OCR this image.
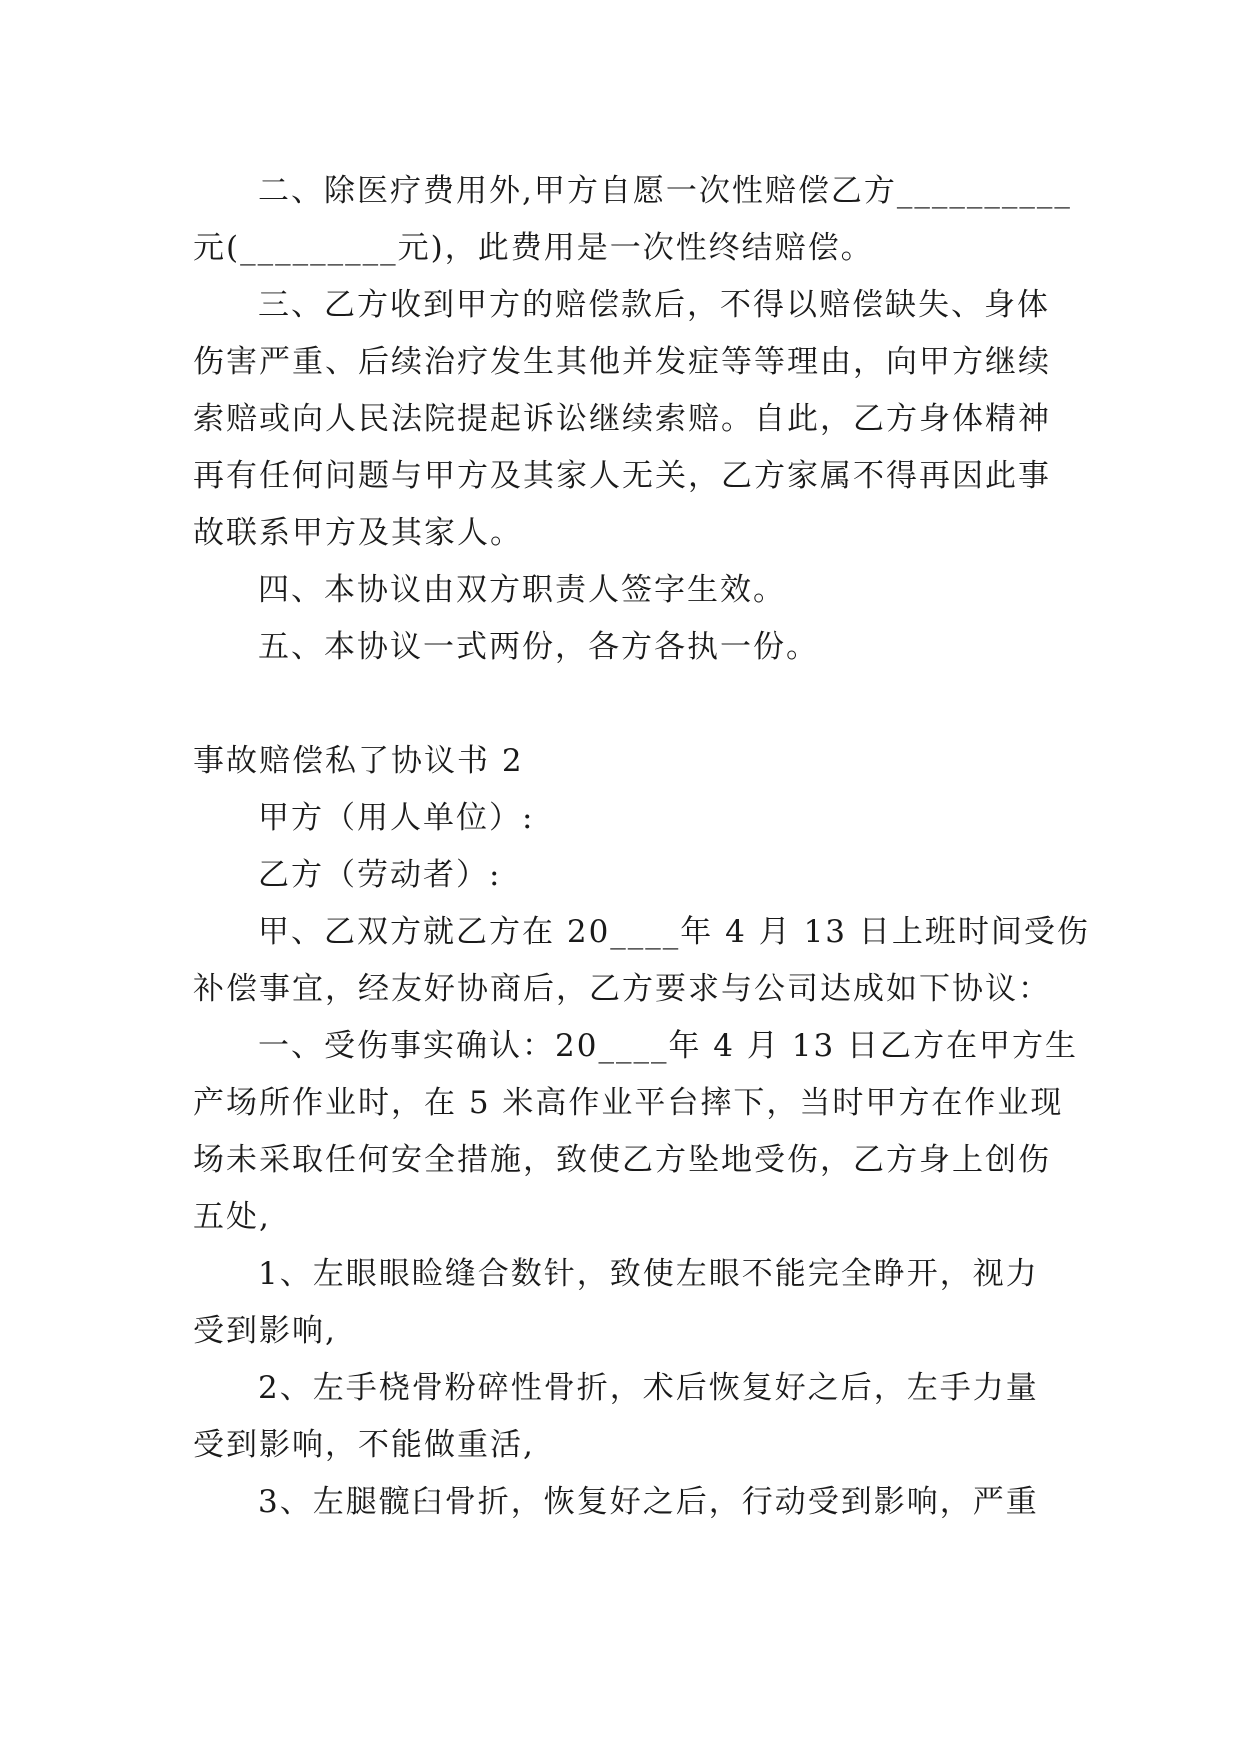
二、除医疗费用外,甲方自愿一次性赔偿乙方__________
元(_________元)，此费用是一次性终结赔偿。
三、乙方收到甲方的赔偿款后，不得以赔偿缺失、身体
伤害严重、后续治疗发生其他并发症等等理由，向甲方继续
索赔或向人民法院提起诉讼继续索赔。自此，乙方身体精神
再有任何问题与甲方及其家人无关，乙方家属不得再因此事
故联系甲方及其家人。
四、本协议由双方职责人签字生效。
五、本协议一式两份，各方各执一份。
事故赔偿私了协议书 2
甲方（用人单位）:
乙方（劳动者）:
甲、乙双方就乙方在 20____年 4 月 13 日上班时间受伤
补偿事宜，经友好协商后，乙方要求与公司达成如下协议：
一、受伤事实确认：20____年 4 月 13 日乙方在甲方生
产场所作业时，在 5 米高作业平台摔下，当时甲方在作业现
场未采取任何安全措施，致使乙方坠地受伤，乙方身上创伤
五处,
1、左眼眼睑缝合数针，致使左眼不能完全睁开，视力
受到影响,
2、左手桡骨粉碎性骨折，术后恢复好之后，左手力量
受到影响，不能做重活,
3、左腿髋臼骨折，恢复好之后，行动受到影响，严重
